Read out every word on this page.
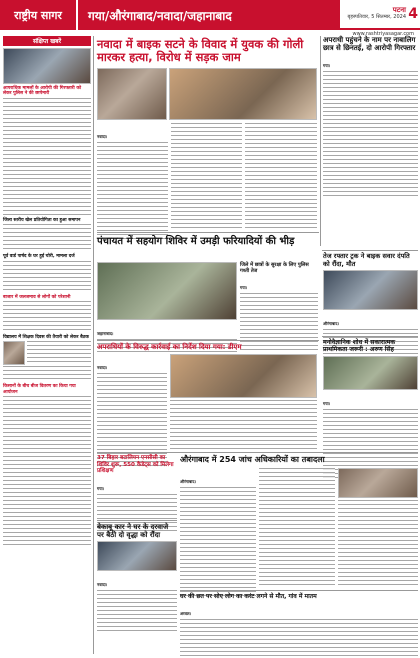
राष्ट्रीय सागर	गया/औरंगाबाद/नवादा/जहानाबाद	पटना
बृहस्पतिवार, 5 सितम्बर, 2024 4
www.rashtriyasagar.com
संक्षिप्त खबरें
आपराधिक मामलों के आरोपी की गिरफ्तारी को लेकर पुलिस ने की छापेमारी
जिला स्तरीय खेल प्रतियोगिता का हुआ समापन
पूर्व वार्ड पार्षद के घर हुई चोरी, मामला दर्ज
बाजार में जलजमाव से लोगों को परेशानी
विद्यालय में शिक्षक दिवस की तैयारी को लेकर बैठक
किसानों के बीच बीज वितरण का किया गया आयोजन
नवादा में बाइक सटने के विवाद में युवक की गोली मारकर हत्या, विरोध में सड़क जाम
नवादा।
अपराधी पहुंचने के नाम पर नाबालिग छात्र से छिनतई, दो आरोपी गिरफ्तार
गया।
पंचायत में सहयोग शिविर में उमड़ी फरियादियों की भीड़
जहानाबाद।
जिले में छात्रों के सुरक्षा के लिए पुलिस गश्ती तेज
गया।
तेज रफ्तार ट्रक ने बाइक सवार दंपति को रौंदा, मौत
औरंगाबाद।
अपराधियों के विरुद्ध कार्रवाई का निर्देश दिया गया: डीएम
नवादा।
मनोवैज्ञानिक शोध में सकारात्मक प्राथमिकता जरूरी : अरुण सिंह
गया।
औरंगाबाद में 254 जांच अधिकारियों का तबादला
औरंगाबाद।
37 बिहार बटालियन एनसीसी का शिविर शुरू, 550 कैडेट्स को मिलेगा प्रशिक्षण
गया।
बेकाबू कार ने घर के दरवाजे पर बैठी दो वृद्धा को रौंदा
नवादा।
घर की छत पर सोए लोग का करंट लगने से मौत, गांव में मातम
अरवल।
